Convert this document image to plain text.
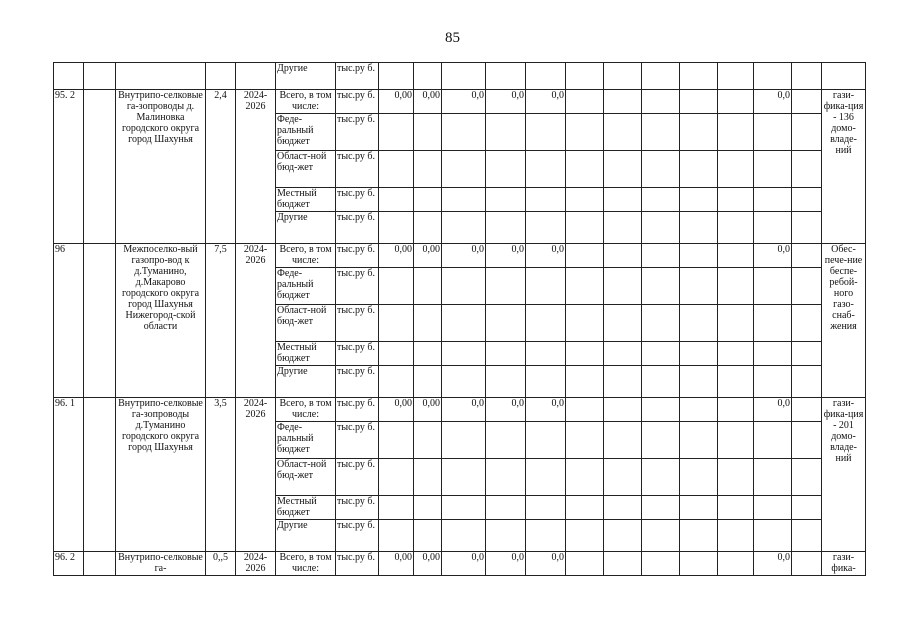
85
					Другие	тыс.ру б.													
95. 2		Внутрипо-селковые га-зопроводы д. Малиновка городского округа город Шахунья	2,4	2024-2026	Всего, в том числе:	тыс.ру б.	0,00	0,00	0,0	0,0	0,0						0,0		гази-фика-ция - 136 домо-владе-ний
					Феде-ральный бюджет	тыс.ру б.													
					Област-ной бюд-жет	тыс.ру б.													
					Местный бюджет	тыс.ру б.													
					Другие	тыс.ру б.													
96		Межпоселко-вый газопро-вод к д.Туманино, д.Макарово городского округа город Шахунья Нижегород-ской области	7,5	2024-2026	Всего, в том числе:	тыс.ру б.	0,00	0,00	0,0	0,0	0,0						0,0		Обес-пече-ние беспе-ребой-ного газо-снаб-жения
					Феде-ральный бюджет	тыс.ру б.													
					Област-ной бюд-жет	тыс.ру б.													
					Местный бюджет	тыс.ру б.													
					Другие	тыс.ру б.													
96. 1		Внутрипо-селковые га-зопроводы д.Туманино городского округа город Шахунья	3,5	2024-2026	Всего, в том числе:	тыс.ру б.	0,00	0,00	0,0	0,0	0,0						0,0		гази-фика-ция - 201 домо-владе-ний
					Феде-ральный бюджет	тыс.ру б.													
					Област-ной бюд-жет	тыс.ру б.													
					Местный бюджет	тыс.ру б.													
					Другие	тыс.ру б.													
96. 2		Внутрипо-селковые га-	0,,5	2024-2026	Всего, в том числе:	тыс.ру б.	0,00	0,00	0,0	0,0	0,0						0,0		гази-фика-
